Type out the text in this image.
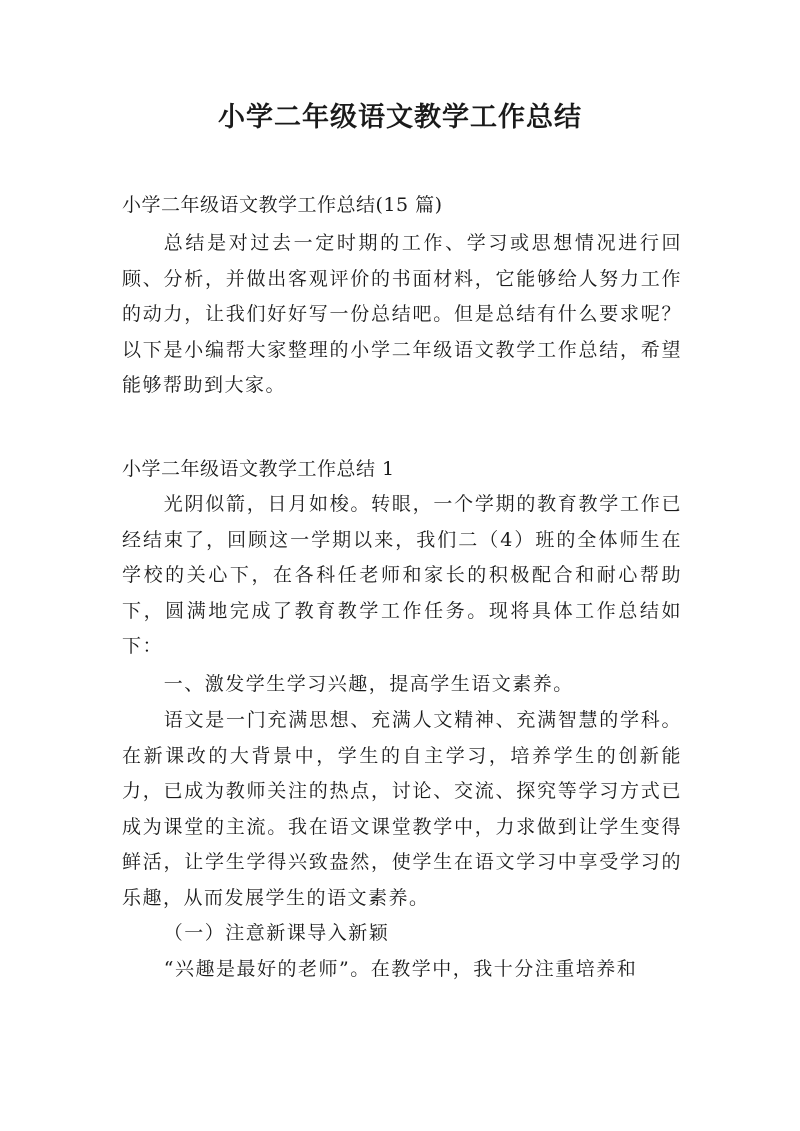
小学二年级语文教学工作总结

小学二年级语文教学工作总结(15 篇)

总结是对过去一定时期的工作、学习或思想情况进行回顾、分析，并做出客观评价的书面材料，它能够给人努力工作的动力，让我们好好写一份总结吧。但是总结有什么要求呢？以下是小编帮大家整理的小学二年级语文教学工作总结，希望能够帮助到大家。

小学二年级语文教学工作总结 1

光阴似箭，日月如梭。转眼，一个学期的教育教学工作已经结束了，回顾这一学期以来，我们二（4）班的全体师生在学校的关心下，在各科任老师和家长的积极配合和耐心帮助下，圆满地完成了教育教学工作任务。现将具体工作总结如下：

一、激发学生学习兴趣，提高学生语文素养。

语文是一门充满思想、充满人文精神、充满智慧的学科。在新课改的大背景中，学生的自主学习，培养学生的创新能力，已成为教师关注的热点，讨论、交流、探究等学习方式已成为课堂的主流。我在语文课堂教学中，力求做到让学生变得鲜活，让学生学得兴致盎然，使学生在语文学习中享受学习的乐趣，从而发展学生的语文素养。

（一）注意新课导入新颖

“兴趣是最好的老师”。在教学中，我十分注重培养和
